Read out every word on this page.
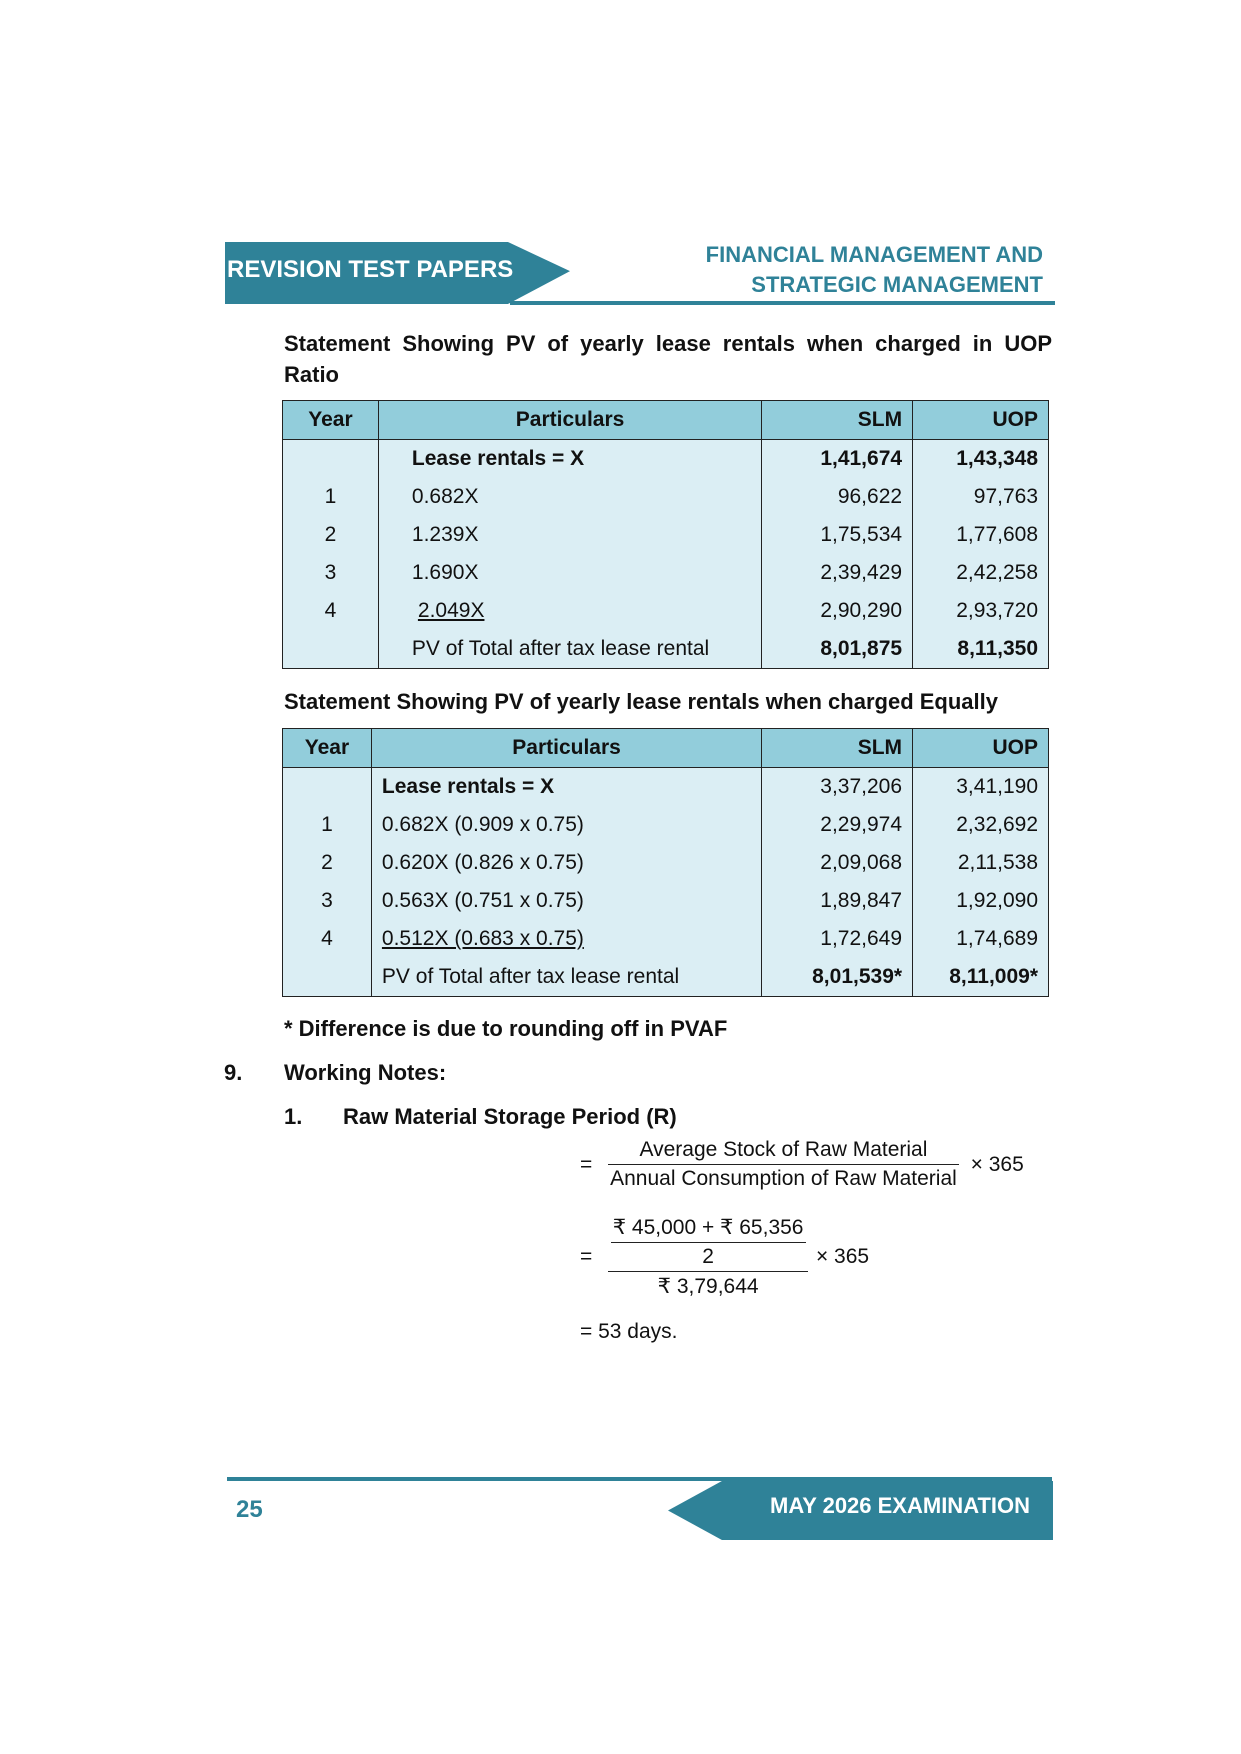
REVISION TEST PAPERS
FINANCIAL MANAGEMENT AND
STRATEGIC MANAGEMENT
Statement Showing PV of yearly lease rentals when charged in UOP Ratio
Year	Particulars	SLM	UOP
	Lease rentals = X	1,41,674	1,43,348
1	0.682X	96,622	97,763
2	1.239X	1,75,534	1,77,608
3	1.690X	2,39,429	2,42,258
4	2.049X	2,90,290	2,93,720
	PV of Total after tax lease rental	8,01,875	8,11,350
Statement Showing PV of yearly lease rentals when charged Equally
Year	Particulars	SLM	UOP
	Lease rentals = X	3,37,206	3,41,190
1	0.682X (0.909 x 0.75)	2,29,974	2,32,692
2	0.620X (0.826 x 0.75)	2,09,068	2,11,538
3	0.563X (0.751 x 0.75)	1,89,847	1,92,090
4	0.512X (0.683 x 0.75)	1,72,649	1,74,689
	PV of Total after tax lease rental	8,01,539*	8,11,009*
* Difference is due to rounding off in PVAF
9. Working Notes:
1. Raw Material Storage Period (R)
= $\frac{\text{Average Stock of Raw Material}}{\text{Annual Consumption of Raw Material}} \times 365$
= $\frac{\frac{₹ 45,000 + ₹ 65,356}{2}}{₹ 3,79,644} \times 365$
= 53 days.
MAY 2026 EXAMINATION
25
